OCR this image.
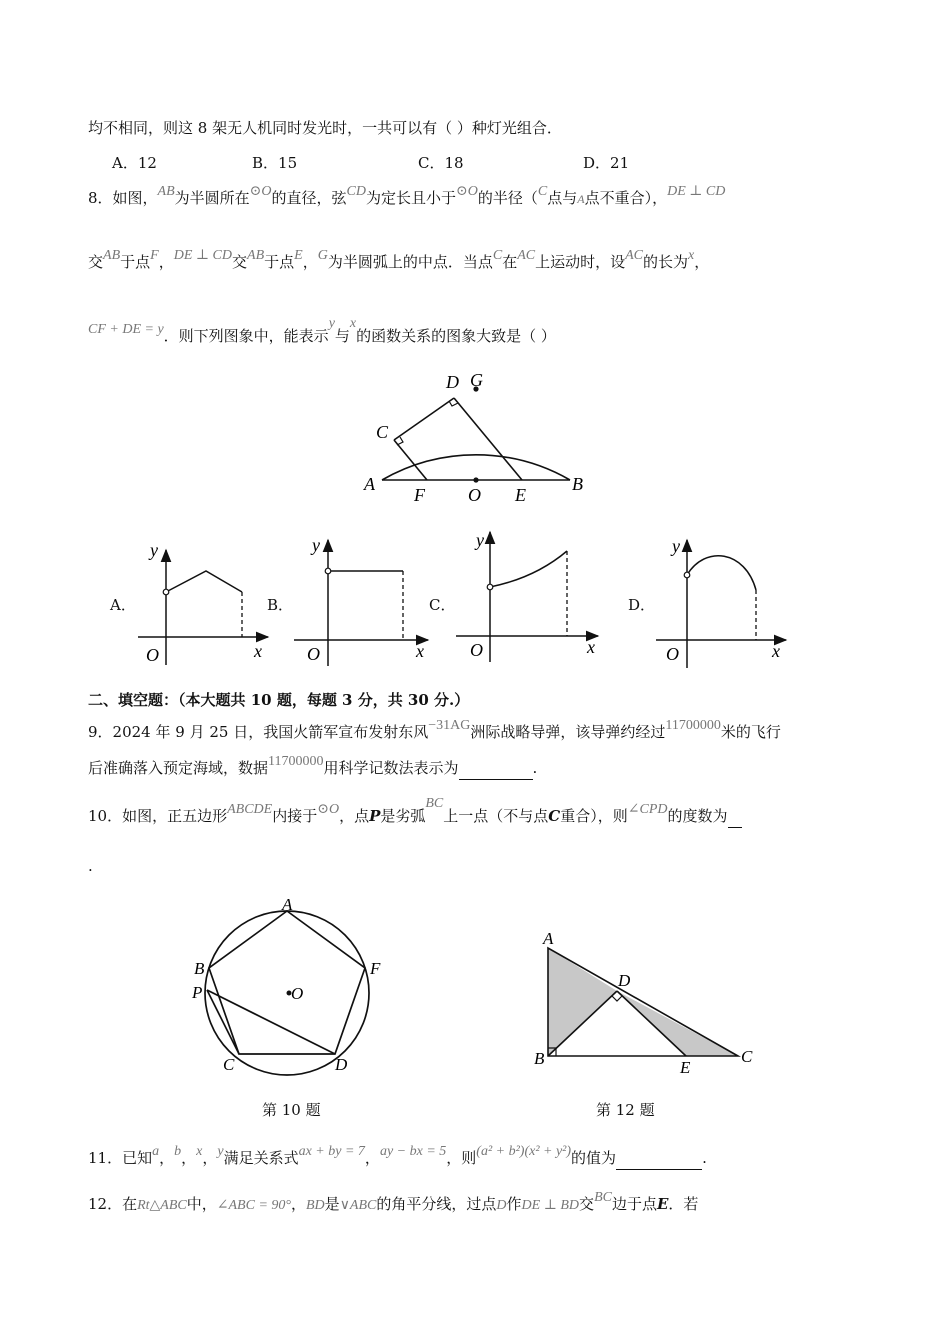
均不相同，则这 8 架无人机同时发光时，一共可以有（ ）种灯光组合．
A．12	B．15	C．18	D．21
8．如图，AB为半圆所在⊙O的直径，弦CD为定长且小于⊙O的半径（C点与A点不重合），DE ⊥ CD
交AB于点F，DE ⊥ CD交AB于点E，G为半圆弧上的中点．当点C在AC上运动时，设AC的长为x，
CF + DE = y．则下列图象中，能表示y与x的函数关系的图象大致是（ ）
A	B
C
D G
F O E
A．	B．	C．	D．
y
O	x
y
O	x
y
O	x
y
O	x
二、填空题：（本大题共 10 题，每题 3 分，共 30 分.）
9．2024 年 9 月 25 日，我国火箭军宣布发射东风−31AG洲际战略导弹，该导弹约经过11700000米的飞行
后准确落入预定海域，数据11700000用科学记数法表示为	.
10．如图，正五边形ABCDE内接于⊙O，点P是劣弧BC上一点（不与点C重合），则∠CPD的度数为
.
A
B	F
P	O
C	D
A
B
D
E
C
第 10 题	第 12 题
11．已知a，b，x，y满足关系式ax + by = 7，ay − bx = 5，则(a² + b²)(x² + y²)的值为	.
12．在Rt△ABC中，∠ABC = 90°，BD是∨ABC的角平分线，过点D作DE ⊥ BD交BC边于点E．若
